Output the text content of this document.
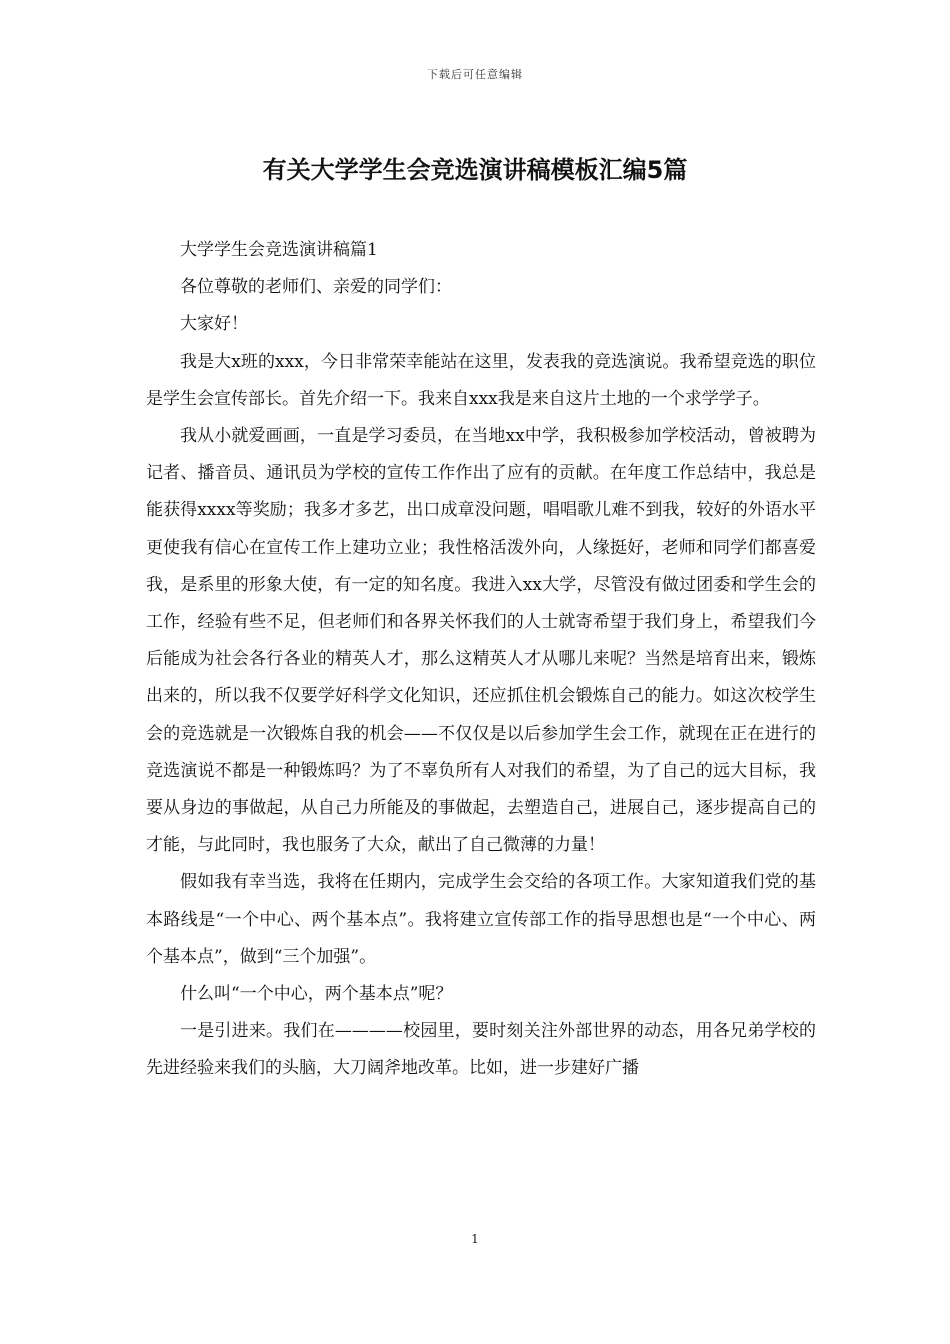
下载后可任意编辑
有关大学学生会竞选演讲稿模板汇编5篇

大学学生会竞选演讲稿篇1

各位尊敬的老师们、亲爱的同学们：

大家好！

我是大x班的xxx，今日非常荣幸能站在这里，发表我的竞选演说。我希望竞选的职位是学生会宣传部长。首先介绍一下。我来自xxx我是来自这片土地的一个求学学子。

我从小就爱画画，一直是学习委员，在当地xx中学，我积极参加学校活动，曾被聘为记者、播音员、通讯员为学校的宣传工作作出了应有的贡献。在年度工作总结中，我总是能获得xxxx等奖励；我多才多艺，出口成章没问题，唱唱歌儿难不到我，较好的外语水平更使我有信心在宣传工作上建功立业；我性格活泼外向，人缘挺好，老师和同学们都喜爱我，是系里的形象大使，有一定的知名度。我进入xx大学，尽管没有做过团委和学生会的工作，经验有些不足，但老师们和各界关怀我们的人士就寄希望于我们身上，希望我们今后能成为社会各行各业的精英人才，那么这精英人才从哪儿来呢？当然是培育出来，锻炼出来的，所以我不仅要学好科学文化知识，还应抓住机会锻炼自己的能力。如这次校学生会的竞选就是一次锻炼自我的机会——不仅仅是以后参加学生会工作，就现在正在进行的竞选演说不都是一种锻炼吗？为了不辜负所有人对我们的希望，为了自己的远大目标，我要从身边的事做起，从自己力所能及的事做起，去塑造自己，进展自己，逐步提高自己的才能，与此同时，我也服务了大众，献出了自己微薄的力量！

假如我有幸当选，我将在任期内，完成学生会交给的各项工作。大家知道我们党的基本路线是“一个中心、两个基本点”。我将建立宣传部工作的指导思想也是“一个中心、两个基本点”，做到“三个加强”。

什么叫“一个中心，两个基本点”呢？

一是引进来。我们在————校园里，要时刻关注外部世界的动态，用各兄弟学校的先进经验来我们的头脑，大刀阔斧地改革。比如，进一步建好广播

1
